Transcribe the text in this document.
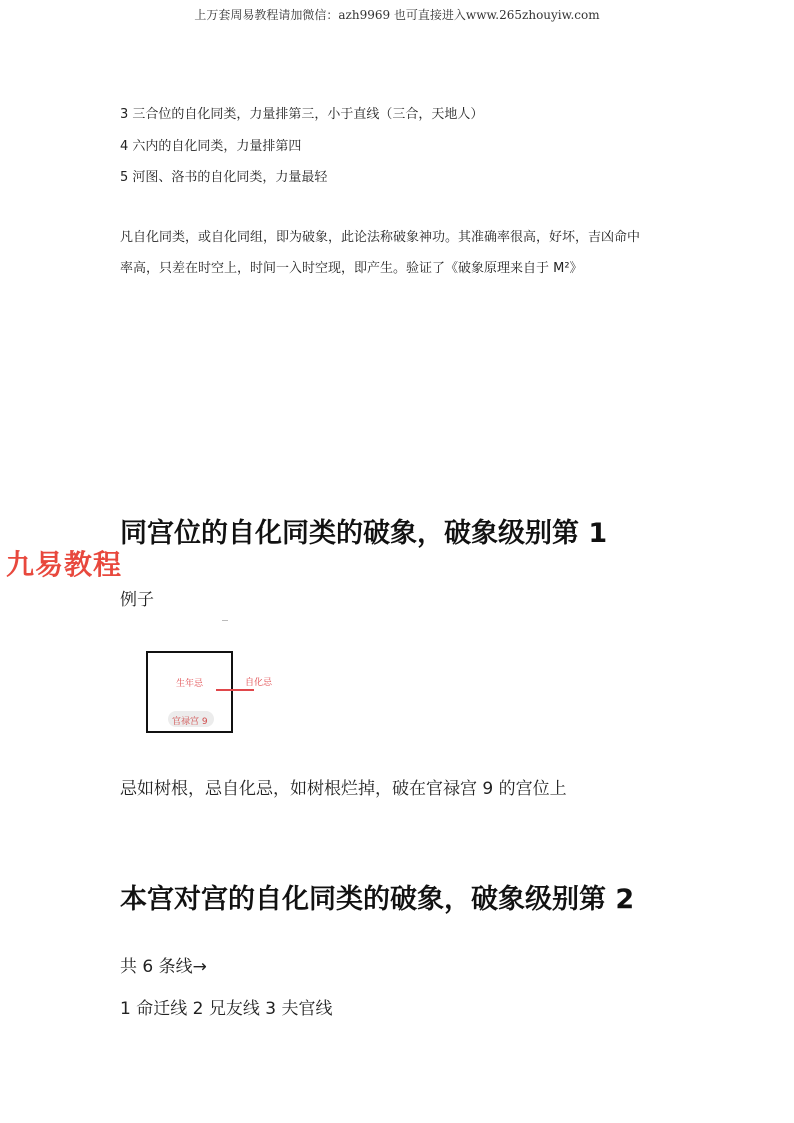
上万套周易教程请加微信：azh9969 也可直接进入www.265zhouyiw.com
3 三合位的自化同类，力量排第三，小于直线（三合，天地人）
4 六内的自化同类，力量排第四
5 河图、洛书的自化同类，力量最轻
凡自化同类，或自化同组，即为破象，此论法称破象神功。其准确率很高，好坏，吉凶命中
率高，只差在时空上，时间一入时空现，即产生。验证了《破象原理来自于 M²》
同宫位的自化同类的破象，破象级别第 1
九易教程
例子
生年忌	自化忌
官禄宫 9
忌如树根，忌自化忌，如树根烂掉，破在官禄宫 9 的宫位上
本宫对宫的自化同类的破象，破象级别第 2
共 6 条线→
1 命迁线 2 兄友线 3 夫官线
